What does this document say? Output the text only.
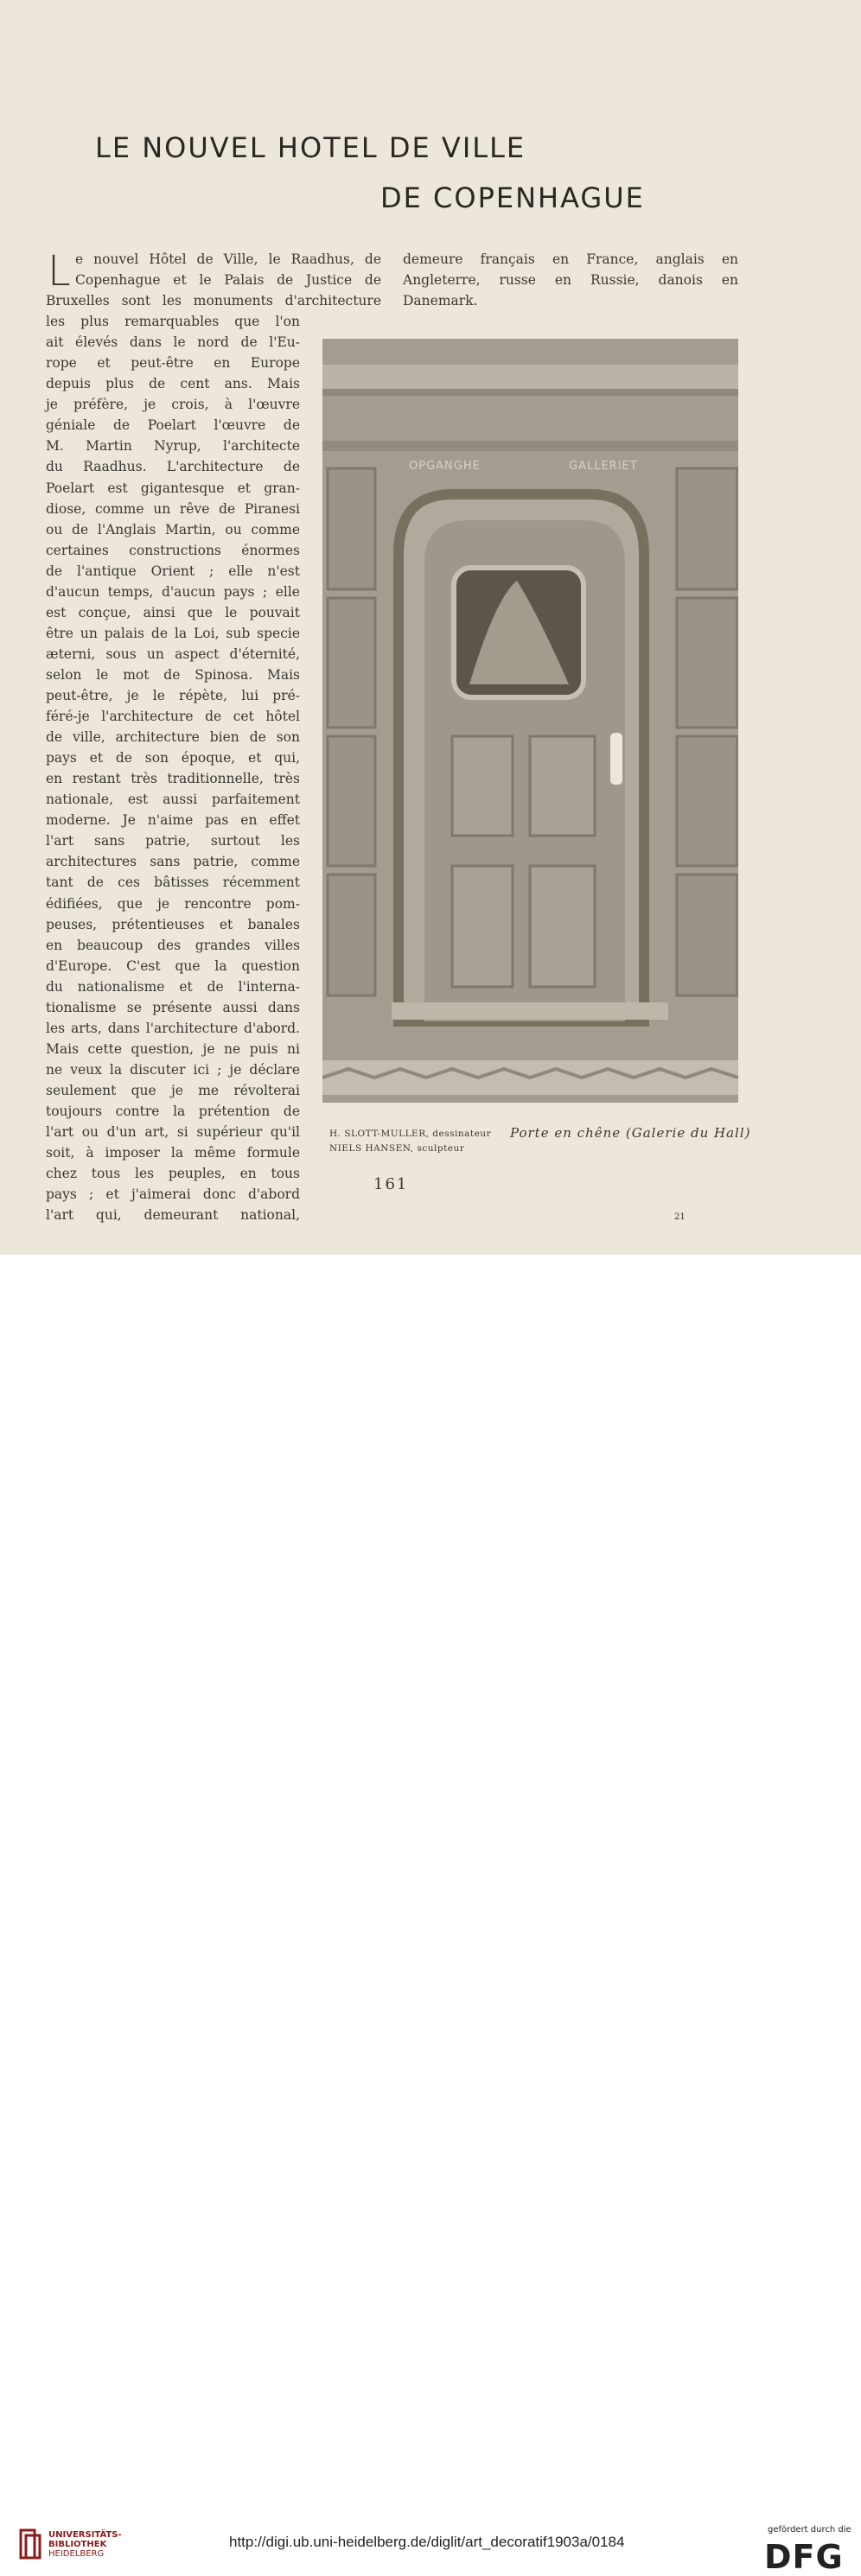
LE NOUVEL HOTEL DE VILLE
DE COPENHAGUE
L e nouvel Hôtel de Ville, le Raadhus, de
Copenhague et le Palais de Justice de
Bruxelles sont les monuments d'architecture
les plus remarquables que l'on
ait élevés dans le nord de l'Eu-
rope et peut-être en Europe
depuis plus de cent ans. Mais
je préfère, je crois, à l'œuvre
géniale de Poelart l'œuvre de
M. Martin Nyrup, l'architecte
du Raadhus. L'architecture de
Poelart est gigantesque et gran-
diose, comme un rêve de Piranesi
ou de l'Anglais Martin, ou comme
certaines constructions énormes
de l'antique Orient ; elle n'est
d'aucun temps, d'aucun pays ; elle
est conçue, ainsi que le pouvait
être un palais de la Loi, sub specie
æterni, sous un aspect d'éternité,
selon le mot de Spinosa. Mais
peut-être, je le répète, lui pré-
féré-je l'architecture de cet hôtel
de ville, architecture bien de son
pays et de son époque, et qui,
en restant très traditionnelle, très
nationale, est aussi parfaitement
moderne. Je n'aime pas en effet
l'art sans patrie, surtout les
architectures sans patrie, comme
tant de ces bâtisses récemment
édifiées, que je rencontre pom-
peuses, prétentieuses et banales
en beaucoup des grandes villes
d'Europe. C'est que la question
du nationalisme et de l'interna-
tionalisme se présente aussi dans
les arts, dans l'architecture d'abord.
Mais cette question, je ne puis ni
ne veux la discuter ici ; je déclare
seulement que je me révolterai
toujours contre la prétention de
l'art ou d'un art, si supérieur qu'il
soit, à imposer la même formule
chez tous les peuples, en tous
pays ; et j'aimerai donc d'abord
l'art qui, demeurant national,
demeure français en France, anglais en
Angleterre, russe en Russie, danois en
Danemark.
OPGANGHE	GALLERIET
H. SLOTT-MULLER, dessinateur
NIELS HANSEN, sculpteur
Porte en chêne (Galerie du Hall)
161
21
UNIVERSITÄTS-
BIBLIOTHEK
HEIDELBERG
http://digi.ub.uni-heidelberg.de/diglit/art_decoratif1903a/0184
gefördert durch die
DFG
